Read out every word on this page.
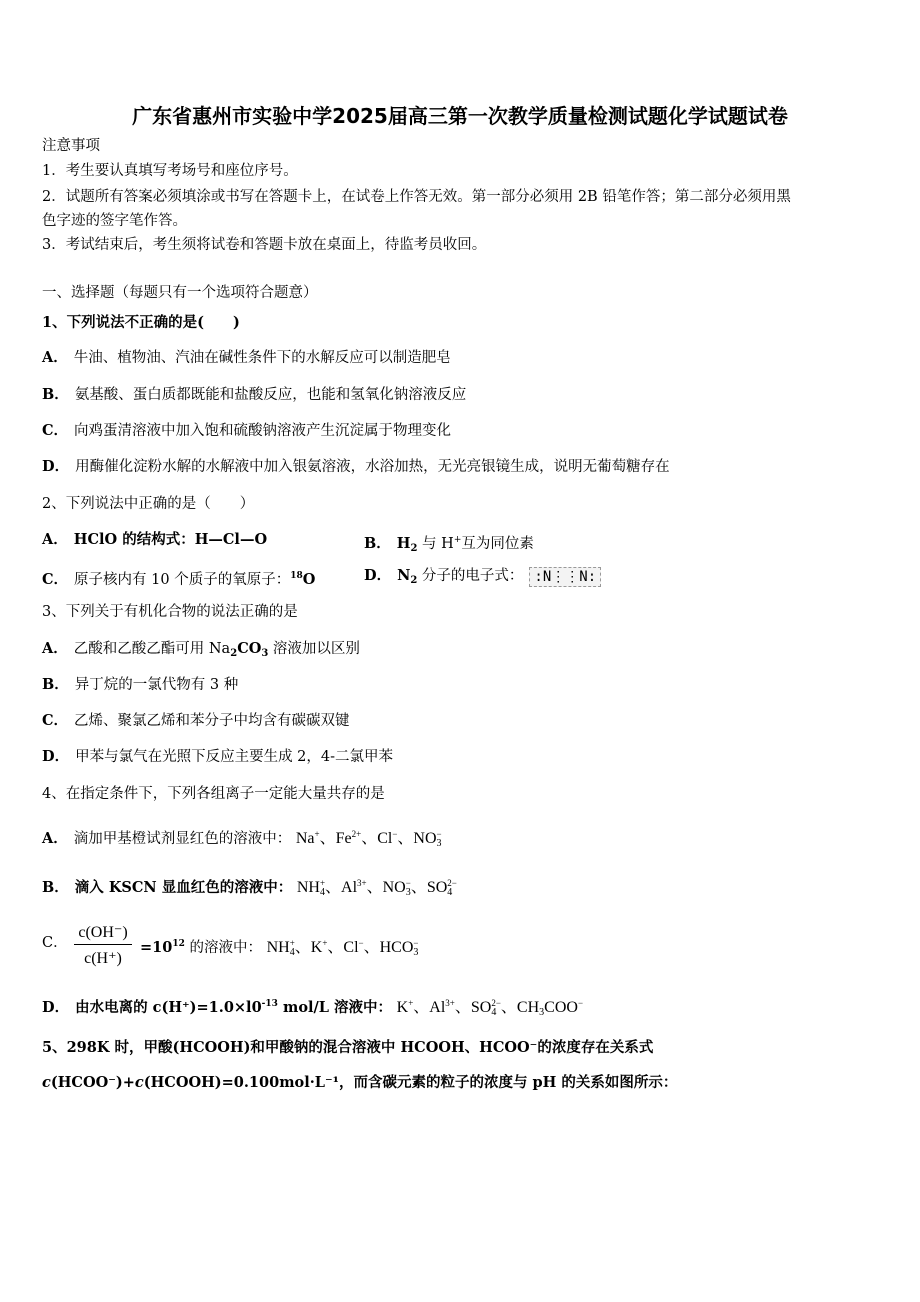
广东省惠州市实验中学2025届高三第一次教学质量检测试题化学试题试卷
注意事项
1．考生要认真填写考场号和座位序号。
2．试题所有答案必须填涂或书写在答题卡上，在试卷上作答无效。第一部分必须用 2B 铅笔作答；第二部分必须用黑
色字迹的签字笔作答。
3．考试结束后，考生须将试卷和答题卡放在桌面上，待监考员收回。
一、选择题（每题只有一个选项符合题意）
1、下列说法不正确的是(　　)
A． 牛油、植物油、汽油在碱性条件下的水解反应可以制造肥皂
B． 氨基酸、蛋白质都既能和盐酸反应，也能和氢氧化钠溶液反应
C． 向鸡蛋清溶液中加入饱和硫酸钠溶液产生沉淀属于物理变化
D． 用酶催化淀粉水解的水解液中加入银氨溶液，水浴加热，无光亮银镜生成，说明无葡萄糖存在
2、下列说法中正确的是（　　）
A． HClO 的结构式：H—Cl—O	B． $H_2$ 与 H+互为同位素
C． 原子核内有 10 个质子的氧原子：$^{18}$O	D． $N_2$ 分子的电子式： :N⋮⋮N:
3、下列关于有机化合物的说法正确的是
A． 乙酸和乙酸乙酯可用 $Na_2CO_3$ 溶液加以区别
B． 异丁烷的一氯代物有 3 种
C． 乙烯、聚氯乙烯和苯分子中均含有碳碳双键
D． 甲苯与氯气在光照下反应主要生成 2，4-二氯甲苯
4、在指定条件下，下列各组离子一定能大量共存的是
A． 滴加甲基橙试剂显红色的溶液中： Na+、$Fe^{2+}$、Cl−、$NO_3^-$
B． 滴入 KSCN 显血红色的溶液中： $NH_4^+$、$Al^{3+}$、$NO_3^-$、$SO_4^{2-}$
C． $\frac{c(OH^-)}{c(H^+)} =10^{12}$ 的溶液中： $NH_4^+$、K+、Cl−、$HCO_3^-$
D． 由水电离的 $c(H^+)=1.0\times l0^{-13}$ mol/L 溶液中： K+、$Al^{3+}$、$SO_4^{2-}$、$CH_3COO^-$
5、298K 时，甲酸(HCOOH)和甲酸钠的混合溶液中 HCOOH、HCOO⁻的浓度存在关系式
c(HCOO⁻)+c(HCOOH)=0.100mol·L⁻¹，而含碳元素的粒子的浓度与 pH 的关系如图所示：
